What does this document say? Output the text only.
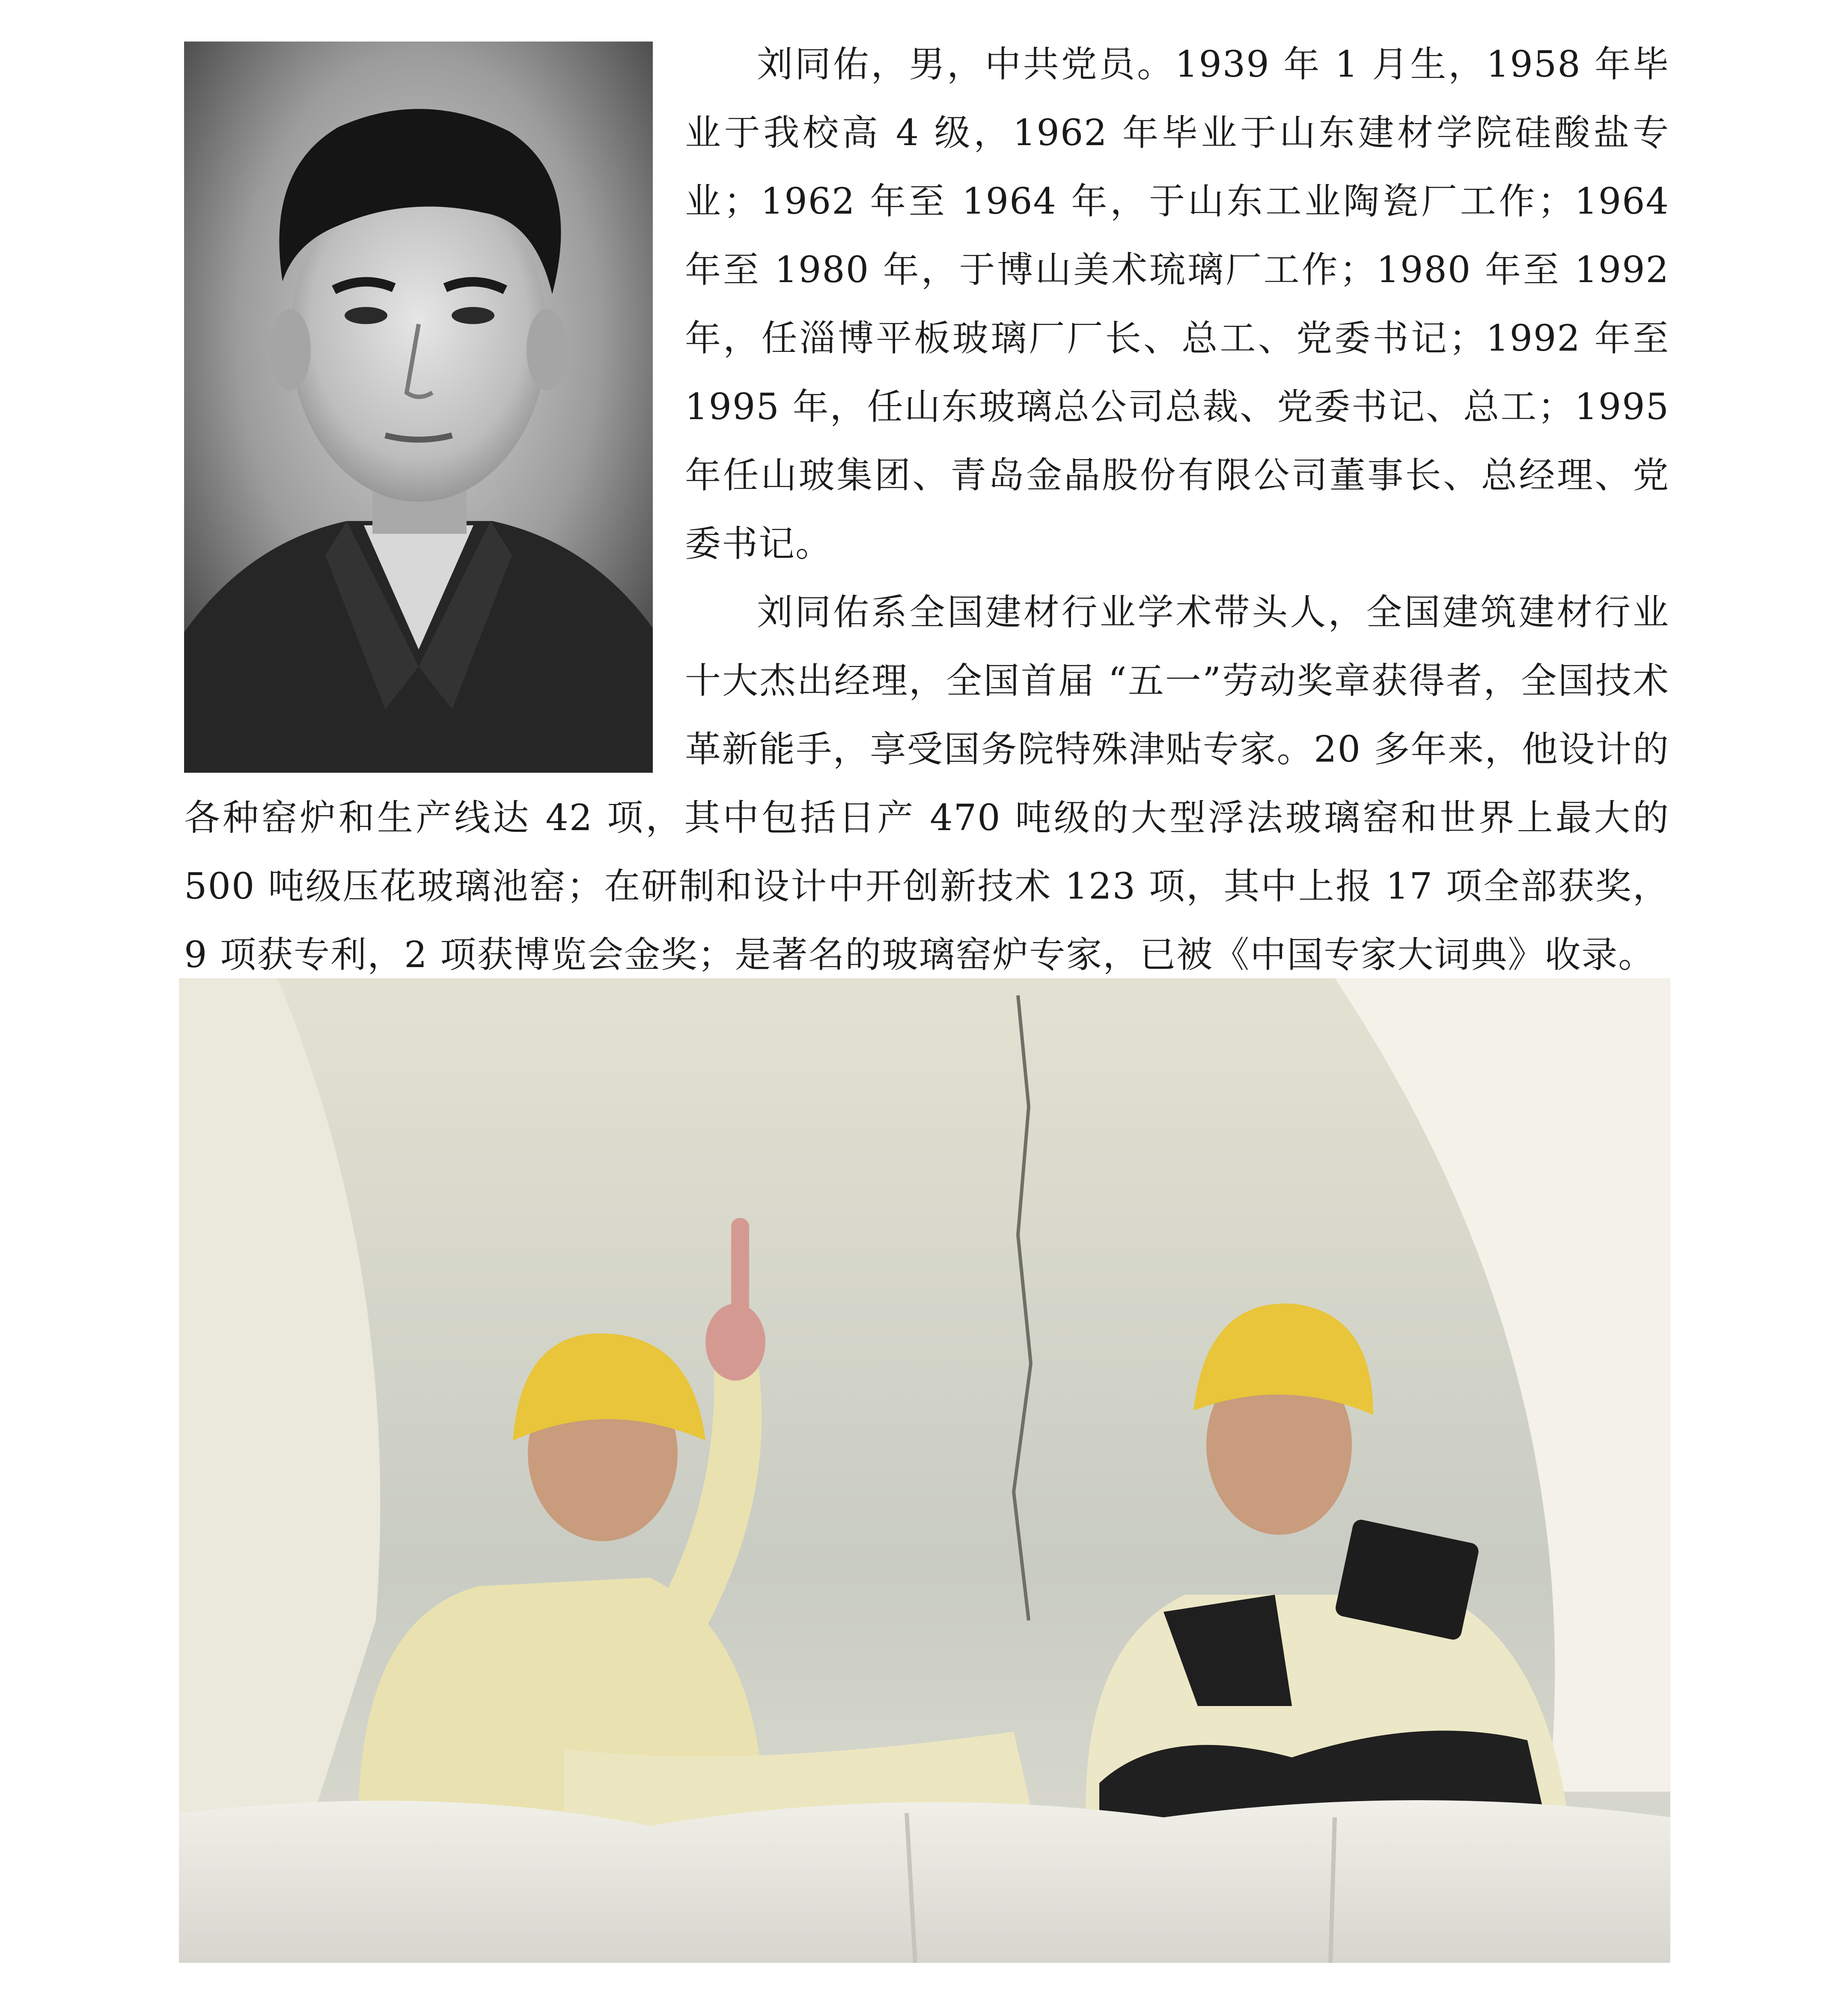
刘同佑，男，中共党员。1939 年 1 月生，1958 年毕业于我校高 4 级，1962 年毕业于山东建材学院硅酸盐专业；1962 年至 1964 年，于山东工业陶瓷厂工作；1964 年至 1980 年，于博山美术琉璃厂工作；1980 年至 1992 年，任淄博平板玻璃厂厂长、总工、党委书记；1992 年至 1995 年，任山东玻璃总公司总裁、党委书记、总工；1995 年任山玻集团、青岛金晶股份有限公司董事长、总经理、党委书记。

刘同佑系全国建材行业学术带头人，全国建筑建材行业十大杰出经理，全国首届 “五一”劳动奖章获得者，全国技术革新能手，享受国务院特殊津贴专家。20 多年来，他设计的各种窑炉和生产线达 42 项，其中包括日产 470 吨级的大型浮法玻璃窑和世界上最大的 500 吨级压花玻璃池窑；在研制和设计中开创新技术 123 项，其中上报 17 项全部获奖，9 项获专利，2 项获博览会金奖；是著名的玻璃窑炉专家，已被《中国专家大词典》收录。
